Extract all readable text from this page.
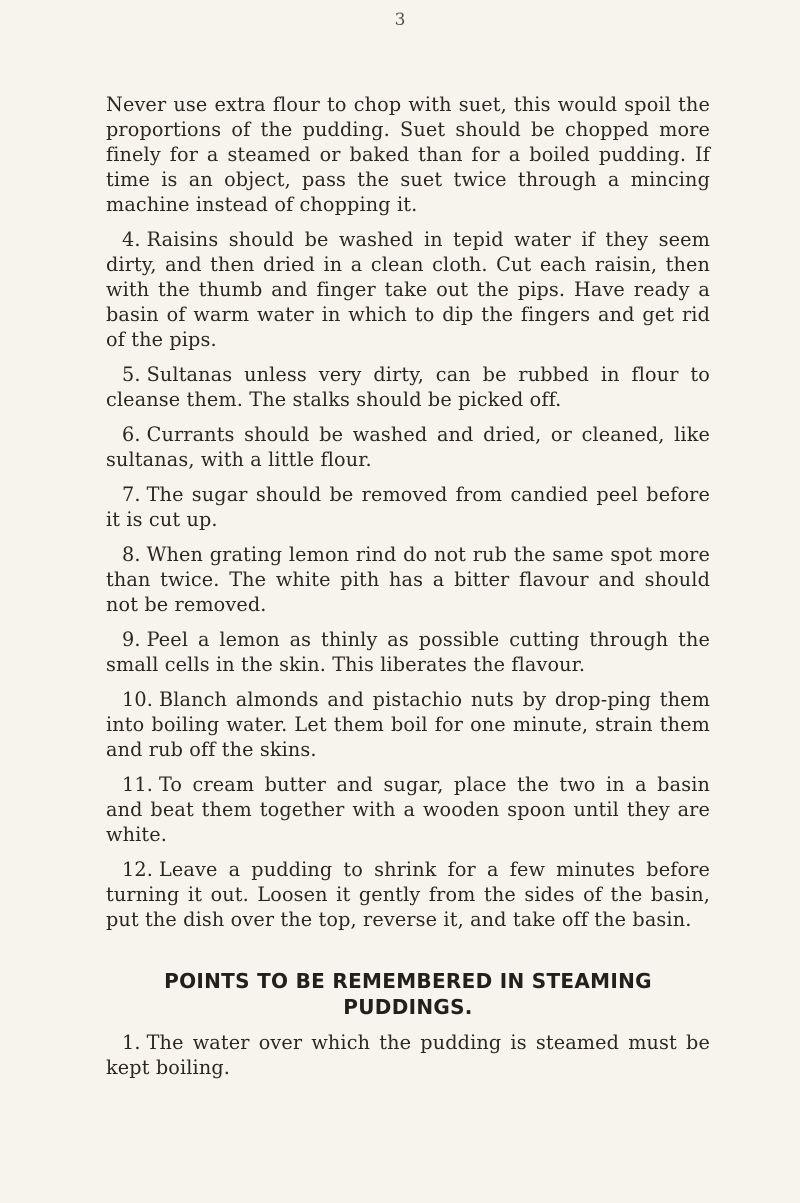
3

Never use extra flour to chop with suet, this would spoil the proportions of the pudding. Suet should be chopped more finely for a steamed or baked than for a boiled pudding. If time is an object, pass the suet twice through a mincing machine instead of chopping it.

4. Raisins should be washed in tepid water if they seem dirty, and then dried in a clean cloth. Cut each raisin, then with the thumb and finger take out the pips. Have ready a basin of warm water in which to dip the fingers and get rid of the pips.

5. Sultanas unless very dirty, can be rubbed in flour to cleanse them. The stalks should be picked off.

6. Currants should be washed and dried, or cleaned, like sultanas, with a little flour.

7. The sugar should be removed from candied peel before it is cut up.

8. When grating lemon rind do not rub the same spot more than twice. The white pith has a bitter flavour and should not be removed.

9. Peel a lemon as thinly as possible cutting through the small cells in the skin. This liberates the flavour.

10. Blanch almonds and pistachio nuts by drop-ping them into boiling water. Let them boil for one minute, strain them and rub off the skins.

11. To cream butter and sugar, place the two in a basin and beat them together with a wooden spoon until they are white.

12. Leave a pudding to shrink for a few minutes before turning it out. Loosen it gently from the sides of the basin, put the dish over the top, reverse it, and take off the basin.

POINTS TO BE REMEMBERED IN STEAMING
PUDDINGS.

1. The water over which the pudding is steamed must be kept boiling.
